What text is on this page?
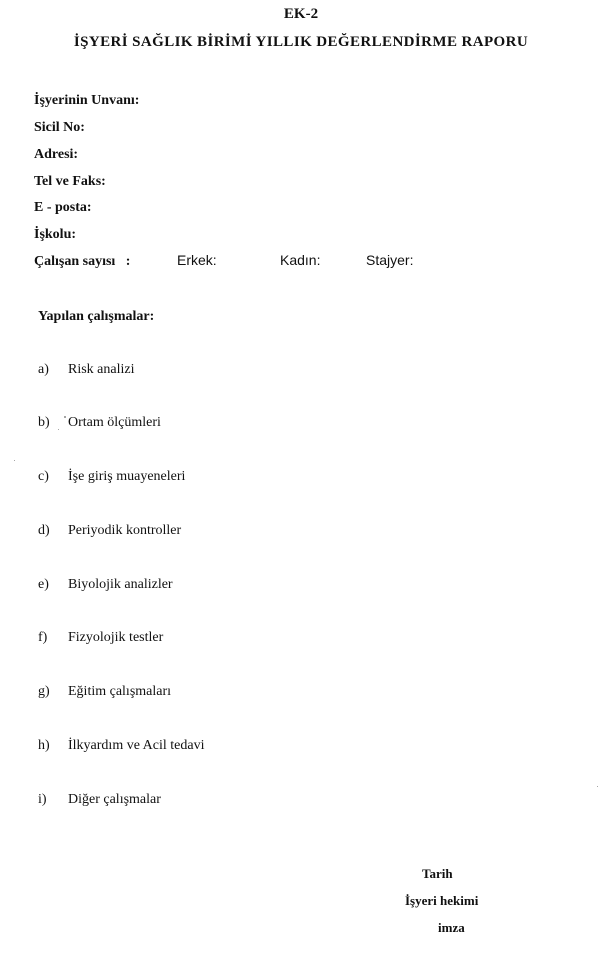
EK-2
İŞYERİ SAĞLIK BİRİMİ YILLIK DEĞERLENDİRME RAPORU
İşyerinin Unvanı:
Sicil No:
Adresi:
Tel ve Faks:
E - posta:
İşkolu:
Çalışan sayısı   :	Erkek:	Kadın:	Stajyer:
Yapılan çalışmalar:
a) Risk analizi
b) Ortam ölçümleri
c) İşe giriş muayeneleri
d) Periyodik kontroller
e) Biyolojik analizler
f) Fizyolojik testler
g) Eğitim çalışmaları
h) İlkyardım ve Acil tedavi
i) Diğer çalışmalar
Tarih
İşyeri hekimi
imza
